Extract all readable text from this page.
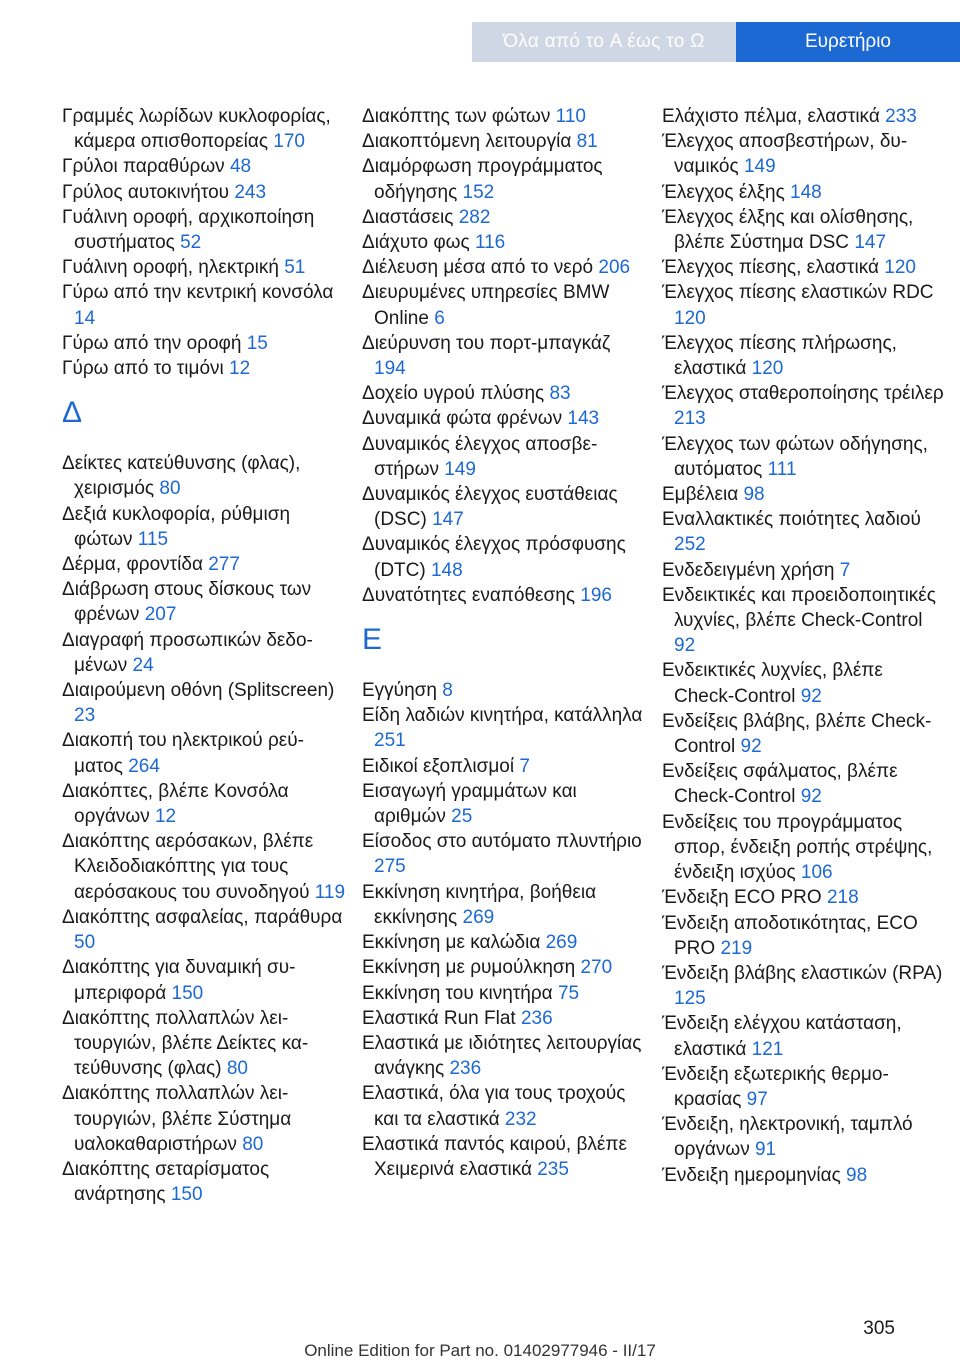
Όλα από το A έως το Ω	Ευρετήριο
Γραμμές λωρίδων κυκλοφορίας, κάμερα οπισθοπορείας 170
Γρύλοι παραθύρων 48
Γρύλος αυτοκινήτου 243
Γυάλινη οροφή, αρχικοποίηση συστήματος 52
Γυάλινη οροφή, ηλεκτρική 51
Γύρω από την κεντρική κονσόλα 14
Γύρω από την οροφή 15
Γύρω από το τιμόνι 12
Δ
Δείκτες κατεύθυνσης (φλας), χειρισμός 80
Δεξιά κυκλοφορία, ρύθμιση φώτων 115
Δέρμα, φροντίδα 277
Διάβρωση στους δίσκους των φρένων 207
Διαγραφή προσωπικών δεδομένων 24
Διαιρούμενη οθόνη (Splitscreen) 23
Διακοπή του ηλεκτρικού ρεύματος 264
Διακόπτες, βλέπε Κονσόλα οργάνων 12
Διακόπτης αερόσακων, βλέπε Κλειδοδιακόπτης για τους αερόσακους του συνοδηγού 119
Διακόπτης ασφαλείας, παράθυρα 50
Διακόπτης για δυναμική συμπεριφορά 150
Διακόπτης πολλαπλών λειτουργιών, βλέπε Δείκτες κατεύθυνσης (φλας) 80
Διακόπτης πολλαπλών λειτουργιών, βλέπε Σύστημα υαλοκαθαριστήρων 80
Διακόπτης σεταρίσματος ανάρτησης 150
Διακόπτης των φώτων 110
Διακοπτόμενη λειτουργία 81
Διαμόρφωση προγράμματος οδήγησης 152
Διαστάσεις 282
Διάχυτο φως 116
Διέλευση μέσα από το νερό 206
Διευρυμένες υπηρεσίες BMW Online 6
Διεύρυνση του πορτ-μπαγκάζ 194
Δοχείο υγρού πλύσης 83
Δυναμικά φώτα φρένων 143
Δυναμικός έλεγχος αποσβεστήρων 149
Δυναμικός έλεγχος ευστάθειας (DSC) 147
Δυναμικός έλεγχος πρόσφυσης (DTC) 148
Δυνατότητες εναπόθεσης 196
Ε
Εγγύηση 8
Είδη λαδιών κινητήρα, κατάλληλα 251
Ειδικοί εξοπλισμοί 7
Εισαγωγή γραμμάτων και αριθμών 25
Είσοδος στο αυτόματο πλυντήριο 275
Εκκίνηση κινητήρα, βοήθεια εκκίνησης 269
Εκκίνηση με καλώδια 269
Εκκίνηση με ρυμούλκηση 270
Εκκίνηση του κινητήρα 75
Ελαστικά Run Flat 236
Ελαστικά με ιδιότητες λειτουργίας ανάγκης 236
Ελαστικά, όλα για τους τροχούς και τα ελαστικά 232
Ελαστικά παντός καιρού, βλέπε Χειμερινά ελαστικά 235
Ελάχιστο πέλμα, ελαστικά 233
Έλεγχος αποσβεστήρων, δυναμικός 149
Έλεγχος έλξης 148
Έλεγχος έλξης και ολίσθησης, βλέπε Σύστημα DSC 147
Έλεγχος πίεσης, ελαστικά 120
Έλεγχος πίεσης ελαστικών RDC 120
Έλεγχος πίεσης πλήρωσης, ελαστικά 120
Έλεγχος σταθεροποίησης τρέιλερ 213
Έλεγχος των φώτων οδήγησης, αυτόματος 111
Εμβέλεια 98
Εναλλακτικές ποιότητες λαδιού 252
Ενδεδειγμένη χρήση 7
Ενδεικτικές και προειδοποιητικές λυχνίες, βλέπε Check-Control 92
Ενδεικτικές λυχνίες, βλέπε Check-Control 92
Ενδείξεις βλάβης, βλέπε Check-Control 92
Ενδείξεις σφάλματος, βλέπε Check-Control 92
Ενδείξεις του προγράμματος σπορ, ένδειξη ροπής στρέψης, ένδειξη ισχύος 106
Ένδειξη ECO PRO 218
Ένδειξη αποδοτικότητας, ECO PRO 219
Ένδειξη βλάβης ελαστικών (RPA) 125
Ένδειξη ελέγχου κατάσταση, ελαστικά 121
Ένδειξη εξωτερικής θερμοκρασίας 97
Ένδειξη, ηλεκτρονική, ταμπλό οργάνων 91
Ένδειξη ημερομηνίας 98
305
Online Edition for Part no. 01402977946 - II/17
